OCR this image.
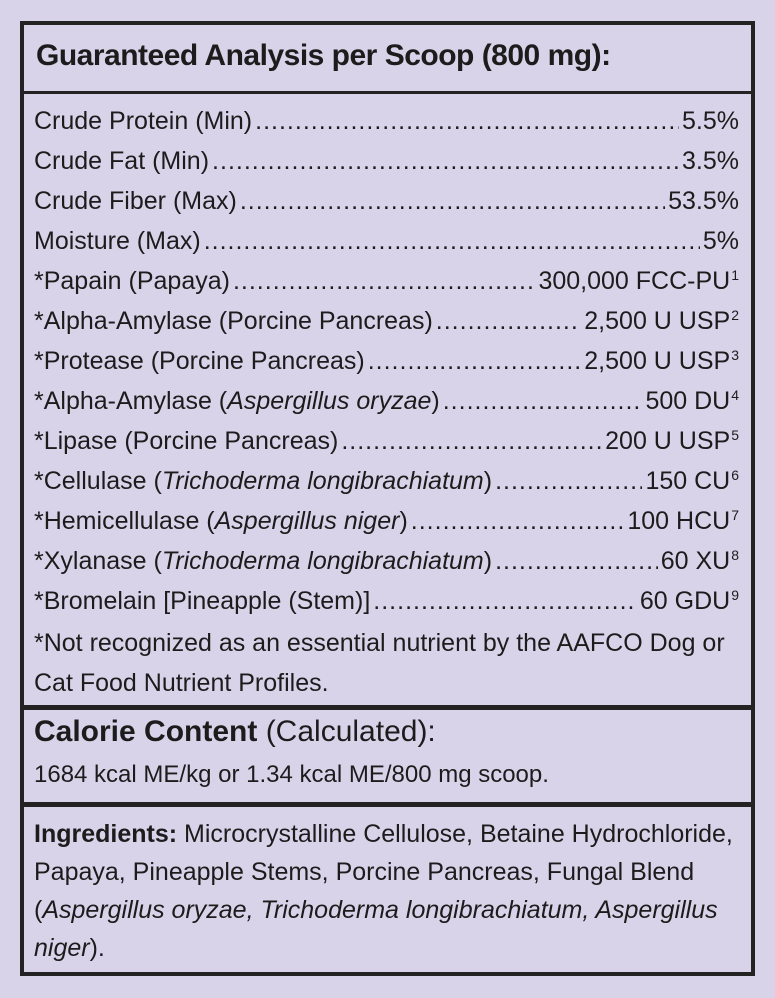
Guaranteed Analysis per Scoop (800 mg):
Crude Protein (Min) .....	5.5%
Crude Fat (Min) .....	3.5%
Crude Fiber (Max) .....	53.5%
Moisture (Max) .....	5%
*Papain (Papaya) .....	300,000 FCC-$PU^1$
*Alpha-Amylase (Porcine Pancreas) .....	2,500 U USP$^2$
*Protease (Porcine Pancreas) .....	2,500 U USP$^3$
*Alpha-Amylase (Aspergillus oryzae) .....	500 $DU^4$
*Lipase (Porcine Pancreas) .....	200 U USP$^5$
*Cellulase (Trichoderma longibrachiatum) .....	150 $CU^6$
*Hemicellulase (Aspergillus niger) .....	100 HCU$^7$
*Xylanase (Trichoderma longibrachiatum) .....	60 $XU^8$
*Bromelain [Pineapple (Stem)] .....	60 GDU$^9$
*Not recognized as an essential nutrient by the AAFCO Dog or Cat Food Nutrient Profiles.
Calorie Content (Calculated):
1684 kcal ME/kg or 1.34 kcal ME/800 mg scoop.
Ingredients: Microcrystalline Cellulose, Betaine Hydrochloride, Papaya, Pineapple Stems, Porcine Pancreas, Fungal Blend (Aspergillus oryzae, Trichoderma longibrachiatum, Aspergillus niger).
